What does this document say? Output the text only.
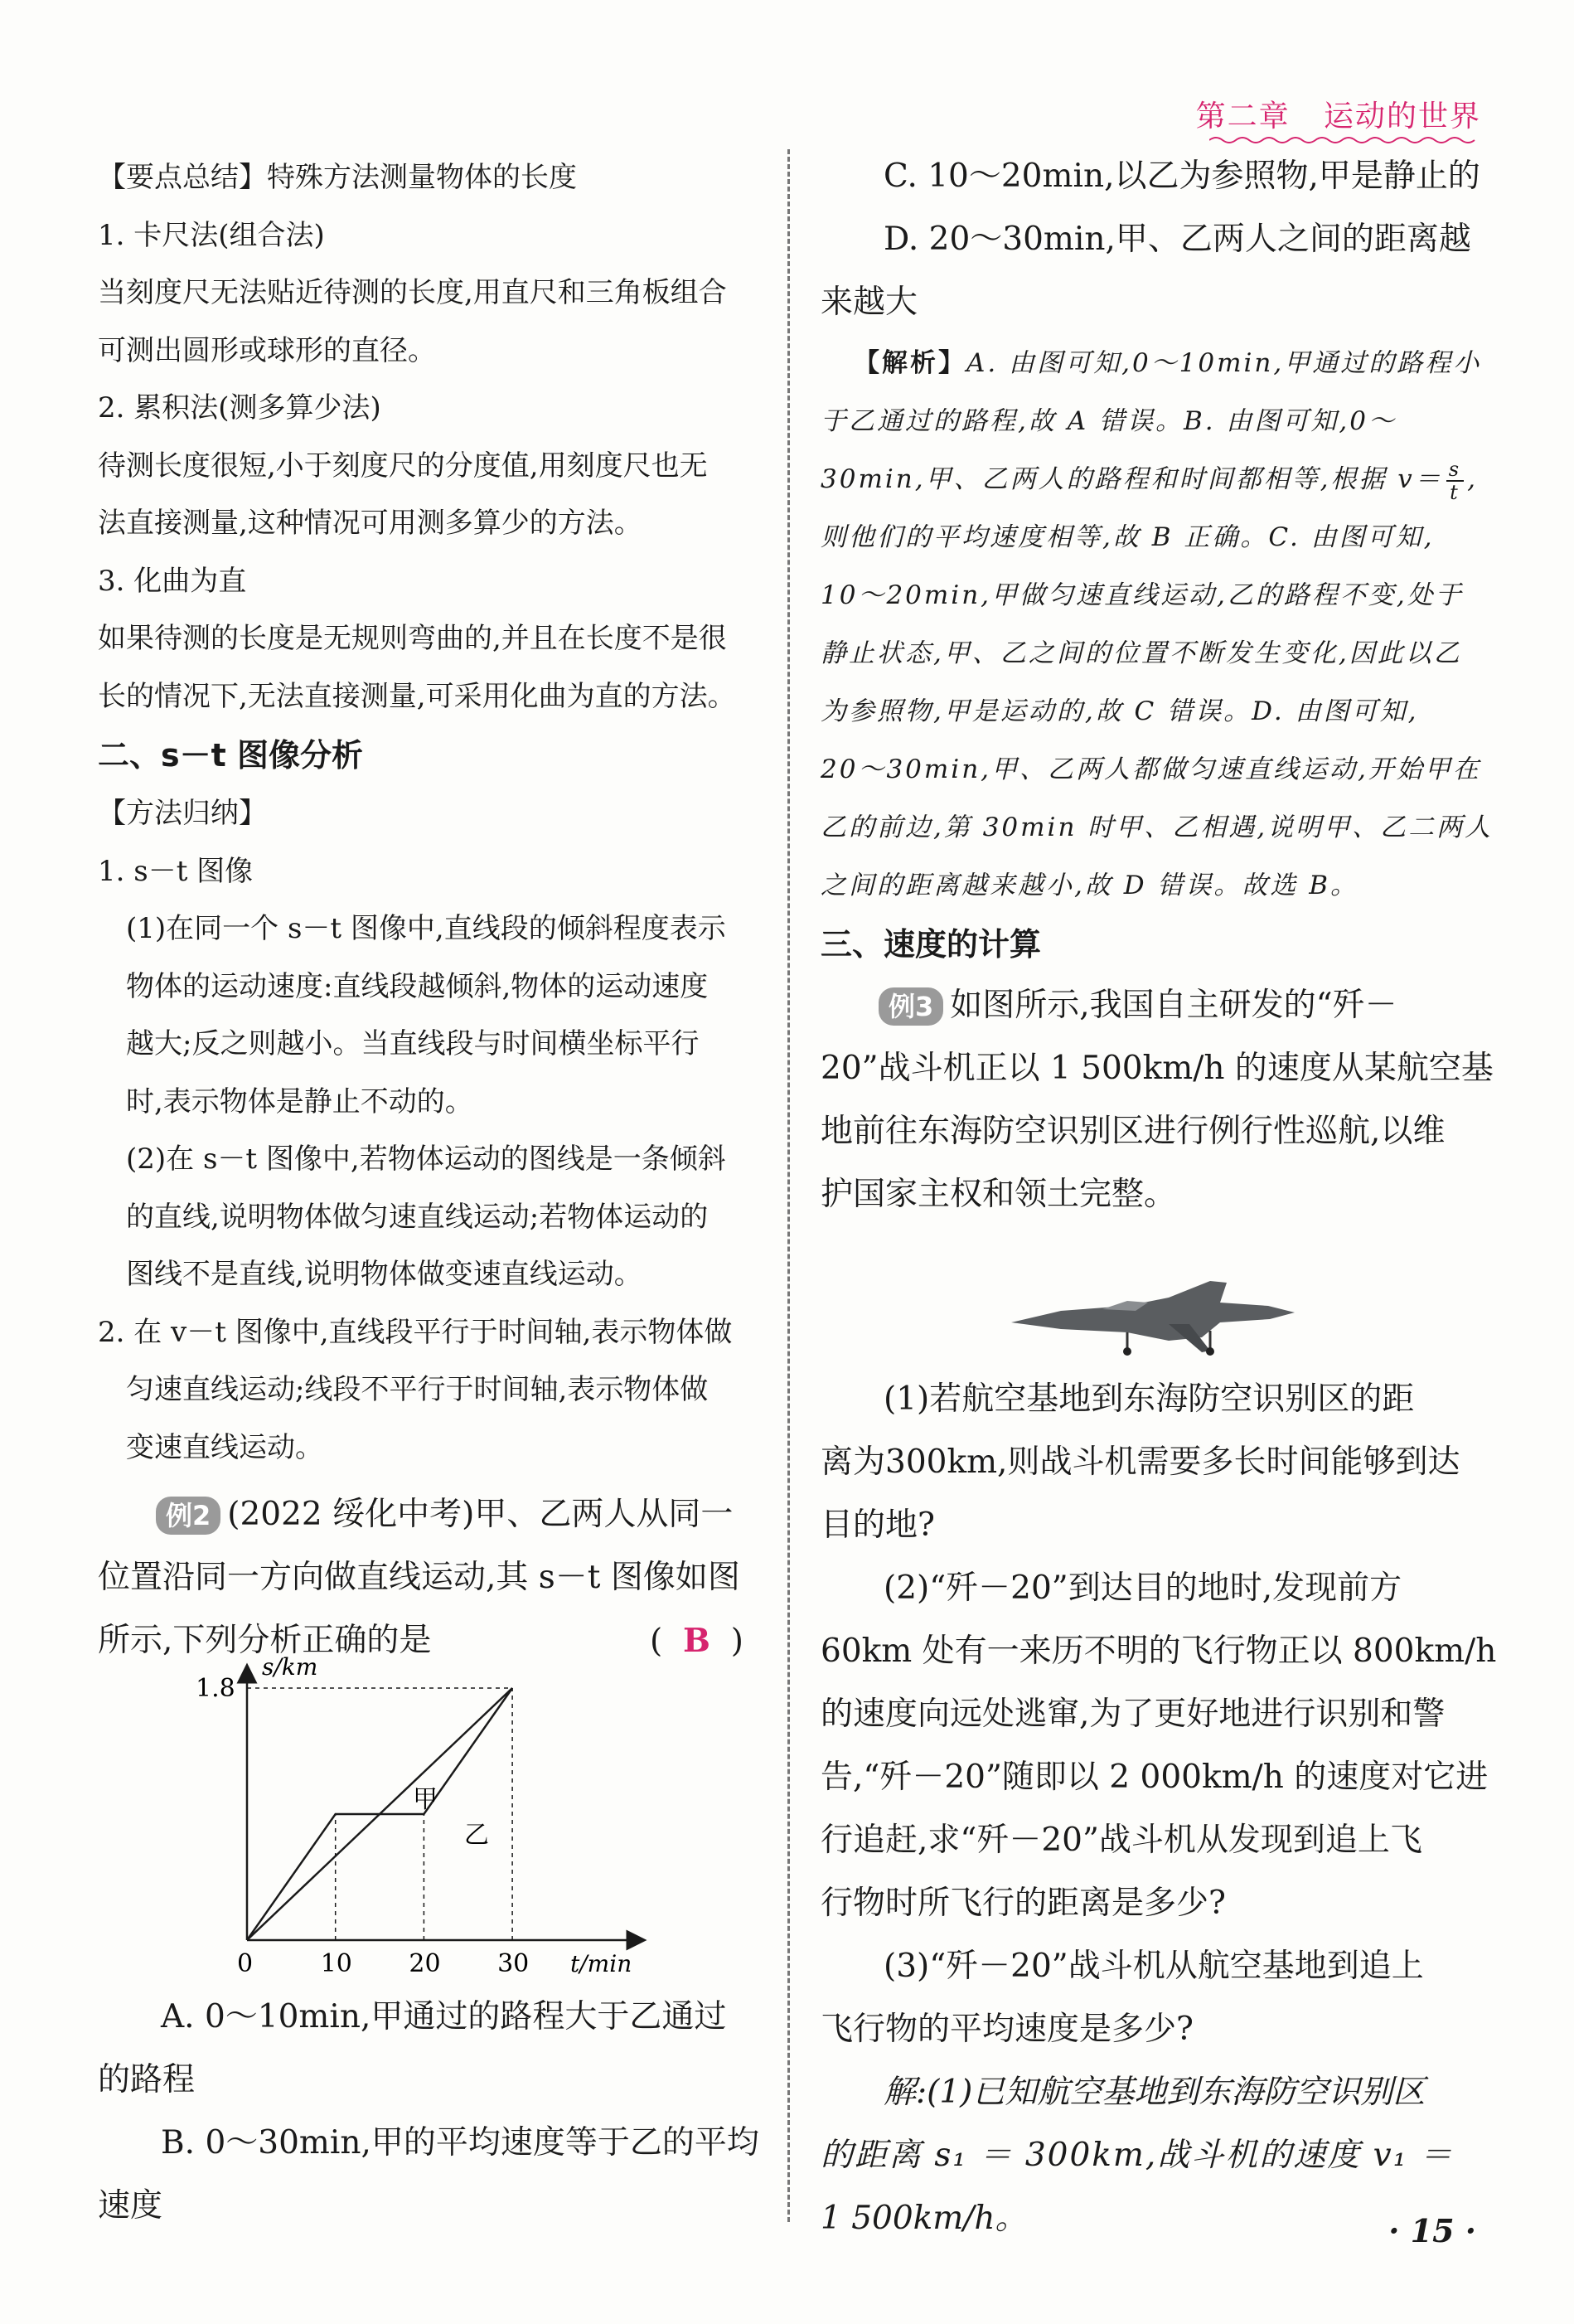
第二章 运动的世界
【要点总结】特殊方法测量物体的长度
1. 卡尺法(组合法)
当刻度尺无法贴近待测的长度,用直尺和三角板组合
可测出圆形或球形的直径。
2. 累积法(测多算少法)
待测长度很短,小于刻度尺的分度值,用刻度尺也无
法直接测量,这种情况可用测多算少的方法。
3. 化曲为直
如果待测的长度是无规则弯曲的,并且在长度不是很
长的情况下,无法直接测量,可采用化曲为直的方法。
二、s－t 图像分析
【方法归纳】
1. s－t 图像
(1)在同一个 s－t 图像中,直线段的倾斜程度表示
物体的运动速度:直线段越倾斜,物体的运动速度
越大;反之则越小。当直线段与时间横坐标平行
时,表示物体是静止不动的。
(2)在 s－t 图像中,若物体运动的图线是一条倾斜
的直线,说明物体做匀速直线运动;若物体运动的
图线不是直线,说明物体做变速直线运动。
2. 在 v－t 图像中,直线段平行于时间轴,表示物体做
匀速直线运动;线段不平行于时间轴,表示物体做
变速直线运动。
例2 (2022 绥化中考)甲、乙两人从同一
位置沿同一方向做直线运动,其 s－t 图像如图
所示,下列分析正确的是	( B )
s/km
t/min
0
1.8
10 20 30
甲
乙
A. 0～10min,甲通过的路程大于乙通过
的路程
B. 0～30min,甲的平均速度等于乙的平均
速度
C. 10～20min,以乙为参照物,甲是静止的
D. 20～30min,甲、乙两人之间的距离越
来越大
【解析】A. 由图可知,0～10min,甲通过的路程小
于乙通过的路程,故 A 错误。B. 由图可知,0～
30min,甲、乙两人的路程和时间都相等,根据 $v= \frac{s}{t}$ ,
则他们的平均速度相等,故 B 正确。C. 由图可知,
10～20min,甲做匀速直线运动,乙的路程不变,处于
静止状态,甲、乙之间的位置不断发生变化,因此以乙
为参照物,甲是运动的,故 C 错误。D. 由图可知,
20～30min,甲、乙两人都做匀速直线运动,开始甲在
乙的前边,第 30min 时甲、乙相遇,说明甲、乙二两人
之间的距离越来越小,故 D 错误。故选 B。
三、速度的计算
例3 如图所示,我国自主研发的“歼－
20”战斗机正以 1 500km/h 的速度从某航空基
地前往东海防空识别区进行例行性巡航,以维
护国家主权和领土完整。
(1)若航空基地到东海防空识别区的距
离为300km,则战斗机需要多长时间能够到达
目的地?
(2)“歼－20”到达目的地时,发现前方
60km 处有一来历不明的飞行物正以 800km/h
的速度向远处逃窜,为了更好地进行识别和警
告,“歼－20”随即以 2 000km/h 的速度对它进
行追赶,求“歼－20”战斗机从发现到追上飞
行物时所飞行的距离是多少?
(3)“歼－20”战斗机从航空基地到追上
飞行物的平均速度是多少?
解:(1)已知航空基地到东海防空识别区
的距离 s₁ ＝ 300km,战斗机的速度 v₁ ＝
1 500km/h。	· 15 ·
